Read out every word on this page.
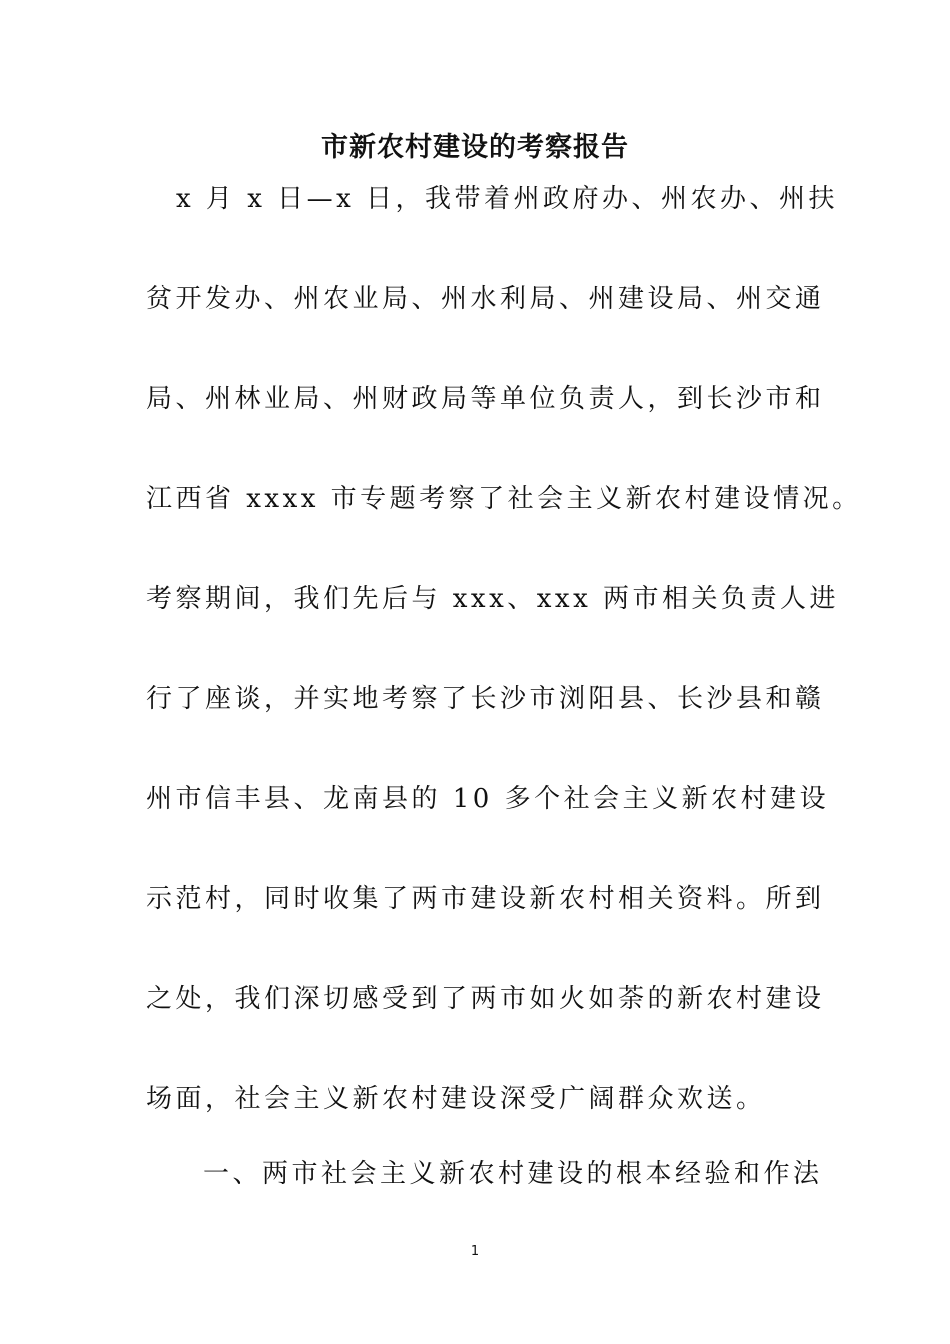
市新农村建设的考察报告
x 月 x 日—x 日，我带着州政府办、州农办、州扶
贫开发办、州农业局、州水利局、州建设局、州交通
局、州林业局、州财政局等单位负责人，到长沙市和
江西省 xxxx 市专题考察了社会主义新农村建设情况。
考察期间，我们先后与 xxx、xxx 两市相关负责人进
行了座谈，并实地考察了长沙市浏阳县、长沙县和赣
州市信丰县、龙南县的 10 多个社会主义新农村建设
示范村，同时收集了两市建设新农村相关资料。所到
之处，我们深切感受到了两市如火如荼的新农村建设
场面，社会主义新农村建设深受广阔群众欢送。
一、两市社会主义新农村建设的根本经验和作法
1
